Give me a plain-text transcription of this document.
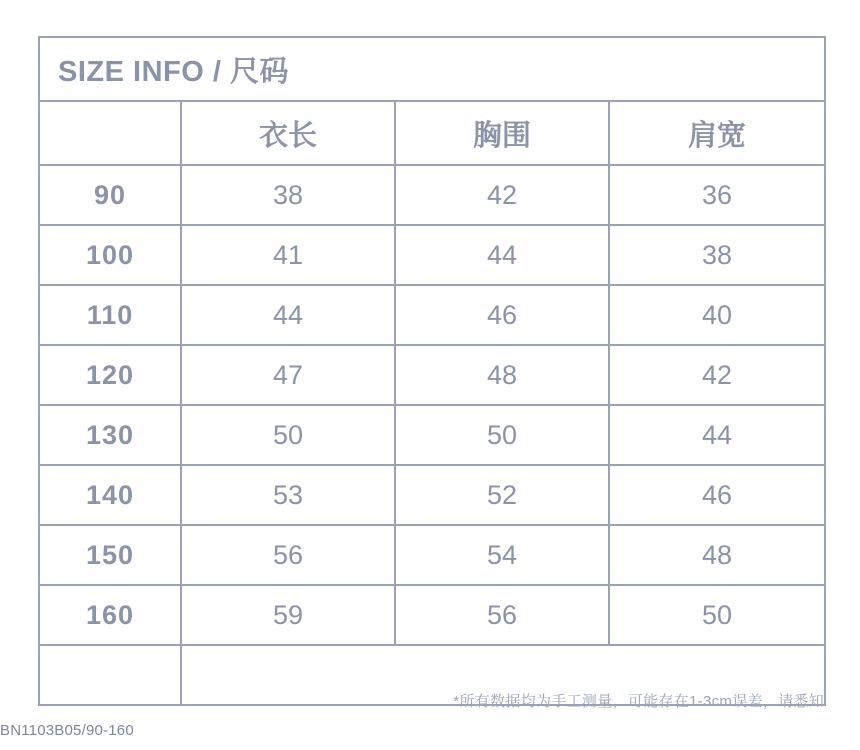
SIZE INFO / 尺码			
	衣长	胸围	肩宽
90	38	42	36
100	41	44	38
110	44	46	40
120	47	48	42
130	50	50	44
140	53	52	46
150	56	54	48
160	59	56	50

*所有数据均为手工测量，可能存在1-3cm误差，请悉知
BN1103B05/90-160
